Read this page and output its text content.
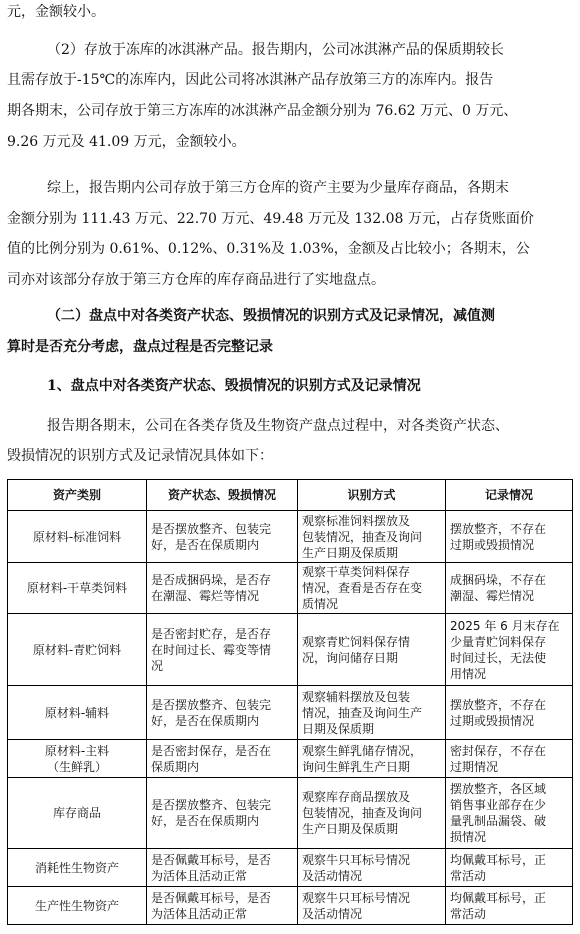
元，金额较小。
（2）存放于冻库的冰淇淋产品。报告期内，公司冰淇淋产品的保质期较长
且需存放于-15℃的冻库内，因此公司将冰淇淋产品存放第三方的冻库内。报告
期各期末，公司存放于第三方冻库的冰淇淋产品金额分别为 76.62 万元、0 万元、
9.26 万元及 41.09 万元，金额较小。
综上，报告期内公司存放于第三方仓库的资产主要为少量库存商品，各期末
金额分别为 111.43 万元、22.70 万元、49.48 万元及 132.08 万元，占存货账面价
值的比例分别为 0.61%、0.12%、0.31%及 1.03%，金额及占比较小；各期末，公
司亦对该部分存放于第三方仓库的库存商品进行了实地盘点。
（二）盘点中对各类资产状态、毁损情况的识别方式及记录情况，减值测
算时是否充分考虑，盘点过程是否完整记录
1、盘点中对各类资产状态、毁损情况的识别方式及记录情况
报告期各期末，公司在各类存货及生物资产盘点过程中，对各类资产状态、
毁损情况的识别方式及记录情况具体如下：
资产类别	资产状态、毁损情况	识别方式	记录情况

原材料-标准饲料	是否摆放整齐、包装完
好，是否在保质期内	观察标准饲料摆放及
包装情况，抽查及询问
生产日期及保质期	摆放整齐，不存在
过期或毁损情况

原材料-干草类饲料	是否成捆码垛，是否存
在潮湿、霉烂等情况	观察干草类饲料保存
情况，查看是否存在变
质情况	成捆码垛，不存在
潮湿、霉烂情况

原材料-青贮饲料	是否密封贮存，是否存
在时间过长、霉变等情
况	观察青贮饲料保存情
况，询问储存日期	2025 年 6 月末存在
少量青贮饲料保存
时间过长，无法使
用情况

原材料-辅料	是否摆放整齐、包装完
好，是否在保质期内	观察辅料摆放及包装
情况，抽查及询问生产
日期及保质期	摆放整齐，不存在
过期或毁损情况

原材料-主料
（生鲜乳）	是否密封保存，是否在
保质期内	观察生鲜乳储存情况，
询问生鲜乳生产日期	密封保存，不存在
过期情况

库存商品	是否摆放整齐、包装完
好，是否在保质期内	观察库存商品摆放及
包装情况，抽查及询问
生产日期及保质期	摆放整齐，各区域
销售事业部存在少
量乳制品漏袋、破
损情况

消耗性生物资产	是否佩戴耳标号，是否
为活体且活动正常	观察牛只耳标号情况
及活动情况	均佩戴耳标号，正
常活动

生产性生物资产	是否佩戴耳标号，是否
为活体且活动正常	观察牛只耳标号情况
及活动情况	均佩戴耳标号，正
常活动
